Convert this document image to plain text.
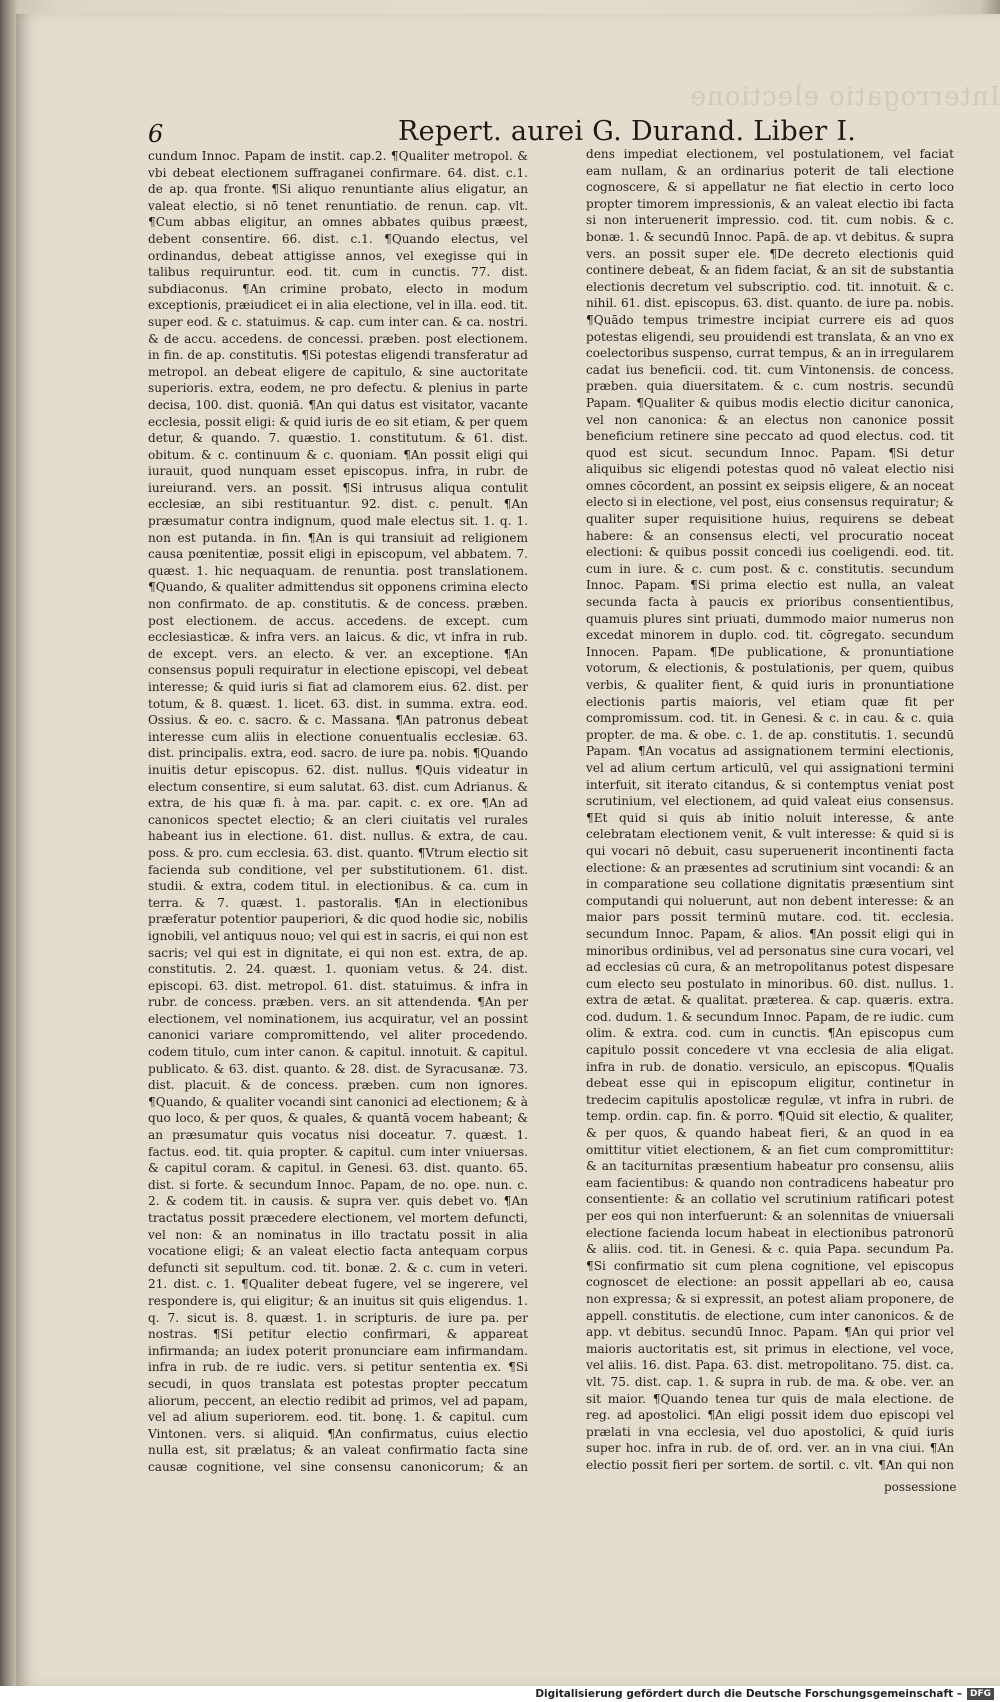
Interrogatio electione
6	Repert. aurei G. Durand. Liber I.
cundum Innoc. Papam de instit. cap.2. ¶Qualiter metropol. & vbi debeat electionem suffraganei confirmare. 64. dist. c.1. de ap. qua fronte. ¶Si aliquo renuntiante alius eligatur, an valeat electio, si nō tenet renuntiatio. de renun. cap. vlt. ¶Cum abbas eligitur, an omnes abbates quibus præest, debent consentire. 66. dist. c.1. ¶Quando electus, vel ordinandus, debeat attigisse annos, vel exegisse qui in talibus requiruntur. eod. tit. cum in cunctis. 77. dist. subdiaconus. ¶An crimine probato, electo in modum exceptionis, præiudicet ei in alia electione, vel in illa. eod. tit. super eod. & c. statuimus. & cap. cum inter can. & ca. nostri. & de accu. accedens. de concessi. præben. post electionem. in fin. de ap. constitutis. ¶Si potestas eligendi transferatur ad metropol. an debeat eligere de capitulo, & sine auctoritate superioris. extra, eodem, ne pro defectu. & plenius in parte decisa, 100. dist. quoniā. ¶An qui datus est visitator, vacante ecclesia, possit eligi: & quid iuris de eo sit etiam, & per quem detur, & quando. 7. quæstio. 1. constitutum. & 61. dist. obitum. & c. continuum & c. quoniam. ¶An possit eligi qui iurauit, quod nunquam esset episcopus. infra, in rubr. de iureiurand. vers. an possit. ¶Si intrusus aliqua contulit ecclesiæ, an sibi restituantur. 92. dist. c. penult. ¶An præsumatur contra indignum, quod male electus sit. 1. q. 1. non est putanda. in fin. ¶An is qui transiuit ad religionem causa pœnitentiæ, possit eligi in episcopum, vel abbatem. 7. quæst. 1. hic nequaquam. de renuntia. post translationem. ¶Quando, & qualiter admittendus sit opponens crimina electo non confirmato. de ap. constitutis. & de concess. præben. post electionem. de accus. accedens. de except. cum ecclesiasticæ. & infra vers. an laicus. & dic, vt infra in rub. de except. vers. an electo. & ver. an exceptione. ¶An consensus populi requiratur in electione episcopi, vel debeat interesse; & quid iuris si fiat ad clamorem eius. 62. dist. per totum, & 8. quæst. 1. licet. 63. dist. in summa. extra. eod. Ossius. & eo. c. sacro. & c. Massana. ¶An patronus debeat interesse cum aliis in electione conuentualis ecclesiæ. 63. dist. principalis. extra, eod. sacro. de iure pa. nobis. ¶Quando inuitis detur episcopus. 62. dist. nullus. ¶Quis videatur in electum consentire, si eum salutat. 63. dist. cum Adrianus. & extra, de his quæ fi. à ma. par. capit. c. ex ore. ¶An ad canonicos spectet electio; & an cleri ciuitatis vel rurales habeant ius in electione. 61. dist. nullus. & extra, de cau. poss. & pro. cum ecclesia. 63. dist. quanto. ¶Vtrum electio sit facienda sub conditione, vel per substitutionem. 61. dist. studii. & extra, codem titul. in electionibus. & ca. cum in terra. & 7. quæst. 1. pastoralis. ¶An in electionibus præferatur potentior pauperiori, & dic quod hodie sic, nobilis ignobili, vel antiquus nouo; vel qui est in sacris, ei qui non est sacris; vel qui est in dignitate, ei qui non est. extra, de ap. constitutis. 2. 24. quæst. 1. quoniam vetus. & 24. dist. episcopi. 63. dist. metropol. 61. dist. statuimus. & infra in rubr. de concess. præben. vers. an sit attendenda. ¶An per electionem, vel nominationem, ius acquiratur, vel an possint canonici variare compromittendo, vel aliter procedendo. codem titulo, cum inter canon. & capitul. innotuit. & capitul. publicato. & 63. dist. quanto. & 28. dist. de Syracusanæ. 73. dist. placuit. & de concess. præben. cum non ignores. ¶Quando, & qualiter vocandi sint canonici ad electionem; & à quo loco, & per quos, & quales, & quantā vocem habeant; & an præsumatur quis vocatus nisi doceatur. 7. quæst. 1. factus. eod. tit. quia propter. & capitul. cum inter vniuersas. & capitul coram. & capitul. in Genesi. 63. dist. quanto. 65. dist. si forte. & secundum Innoc. Papam, de no. ope. nun. c. 2. & codem tit. in causis. & supra ver. quis debet vo. ¶An tractatus possit præcedere electionem, vel mortem defuncti, vel non: & an nominatus in illo tractatu possit in alia vocatione eligi; & an valeat electio facta antequam corpus defuncti sit sepultum. cod. tit. bonæ. 2. & c. cum in veteri. 21. dist. c. 1. ¶Qualiter debeat fugere, vel se ingerere, vel respondere is, qui eligitur; & an inuitus sit quis eligendus. 1. q. 7. sicut is. 8. quæst. 1. in scripturis. de iure pa. per nostras. ¶Si petitur electio confirmari, & appareat infirmanda; an iudex poterit pronunciare eam infirmandam. infra in rub. de re iudic. vers. si petitur sententia ex. ¶Si secudi, in quos translata est potestas propter peccatum aliorum, peccent, an electio redibit ad primos, vel ad papam, vel ad alium superiorem. eod. tit. bonę. 1. & capitul. cum Vintonen. vers. si aliquid. ¶An confirmatus, cuius electio nulla est, sit prælatus; & an valeat confirmatio facta sine causæ cognitione, vel sine consensu canonicorum; & an
dens impediat electionem, vel postulationem, vel faciat eam nullam, & an ordinarius poterit de tali electione cognoscere, & si appellatur ne fiat electio in certo loco propter timorem impressionis, & an valeat electio ibi facta si non interuenerit impressio. cod. tit. cum nobis. & c. bonæ. 1. & secundū Innoc. Papā. de ap. vt debitus. & supra vers. an possit super ele. ¶De decreto electionis quid continere debeat, & an fidem faciat, & an sit de substantia electionis decretum vel subscriptio. cod. tit. innotuit. & c. nihil. 61. dist. episcopus. 63. dist. quanto. de iure pa. nobis. ¶Quādo tempus trimestre incipiat currere eis ad quos potestas eligendi, seu prouidendi est translata, & an vno ex coelectoribus suspenso, currat tempus, & an in irregularem cadat ius beneficii. cod. tit. cum Vintonensis. de concess. præben. quia diuersitatem. & c. cum nostris. secundū Papam. ¶Qualiter & quibus modis electio dicitur canonica, vel non canonica: & an electus non canonice possit beneficium retinere sine peccato ad quod electus. cod. tit quod est sicut. secundum Innoc. Papam. ¶Si detur aliquibus sic eligendi potestas quod nō valeat electio nisi omnes cōcordent, an possint ex seipsis eligere, & an noceat electo si in electione, vel post, eius consensus requiratur; & qualiter super requisitione huius, requirens se debeat habere: & an consensus electi, vel procuratio noceat electioni: & quibus possit concedi ius coeligendi. eod. tit. cum in iure. & c. cum post. & c. constitutis. secundum Innoc. Papam. ¶Si prima electio est nulla, an valeat secunda facta à paucis ex prioribus consentientibus, quamuis plures sint priuati, dummodo maior numerus non excedat minorem in duplo. cod. tit. cōgregato. secundum Innocen. Papam. ¶De publicatione, & pronuntiatione votorum, & electionis, & postulationis, per quem, quibus verbis, & qualiter fient, & quid iuris in pronuntiatione electionis partis maioris, vel etiam quæ fit per compromissum. cod. tit. in Genesi. & c. in cau. & c. quia propter. de ma. & obe. c. 1. de ap. constitutis. 1. secundū Papam. ¶An vocatus ad assignationem termini electionis, vel ad alium certum articulū, vel qui assignationi termini interfuit, sit iterato citandus, & si contemptus veniat post scrutinium, vel electionem, ad quid valeat eius consensus. ¶Et quid si quis ab initio noluit interesse, & ante celebratam electionem venit, & vult interesse: & quid si is qui vocari nō debuit, casu superuenerit incontinenti facta electione: & an præsentes ad scrutinium sint vocandi: & an in comparatione seu collatione dignitatis præsentium sint computandi qui noluerunt, aut non debent interesse: & an maior pars possit terminū mutare. cod. tit. ecclesia. secundum Innoc. Papam, & alios. ¶An possit eligi qui in minoribus ordinibus, vel ad personatus sine cura vocari, vel ad ecclesias cū cura, & an metropolitanus potest dispesare cum electo seu postulato in minoribus. 60. dist. nullus. 1. extra de ætat. & qualitat. præterea. & cap. quæris. extra. cod. dudum. 1. & secundum Innoc. Papam, de re iudic. cum olim. & extra. cod. cum in cunctis. ¶An episcopus cum capitulo possit concedere vt vna ecclesia de alia eligat. infra in rub. de donatio. versiculo, an episcopus. ¶Qualis debeat esse qui in episcopum eligitur, continetur in tredecim capitulis apostolicæ regulæ, vt infra in rubri. de temp. ordin. cap. fin. & porro. ¶Quid sit electio, & qualiter, & per quos, & quando habeat fieri, & an quod in ea omittitur vitiet electionem, & an fiet cum compromittitur: & an taciturnitas præsentium habeatur pro consensu, aliis eam facientibus: & quando non contradicens habeatur pro consentiente: & an collatio vel scrutinium ratificari potest per eos qui non interfuerunt: & an solennitas de vniuersali electione facienda locum habeat in electionibus patronorū & aliis. cod. tit. in Genesi. & c. quia Papa. secundum Pa. ¶Si confirmatio sit cum plena cognitione, vel episcopus cognoscet de electione: an possit appellari ab eo, causa non expressa; & si expressit, an potest aliam proponere, de appell. constitutis. de electione, cum inter canonicos. & de app. vt debitus. secundū Innoc. Papam. ¶An qui prior vel maioris auctoritatis est, sit primus in electione, vel voce, vel aliis. 16. dist. Papa. 63. dist. metropolitano. 75. dist. ca. vlt. 75. dist. cap. 1. & supra in rub. de ma. & obe. ver. an sit maior. ¶Quando tenea tur quis de mala electione. de reg. ad apostolici. ¶An eligi possit idem duo episcopi vel prælati in vna ecclesia, vel duo apostolici, & quid iuris super hoc. infra in rub. de of. ord. ver. an in vna ciui. ¶An electio possit fieri per sortem. de sortil. c. vlt. ¶An qui non
possessione
Digitalisierung gefördert durch die Deutsche Forschungsgemeinschaft – DFG
